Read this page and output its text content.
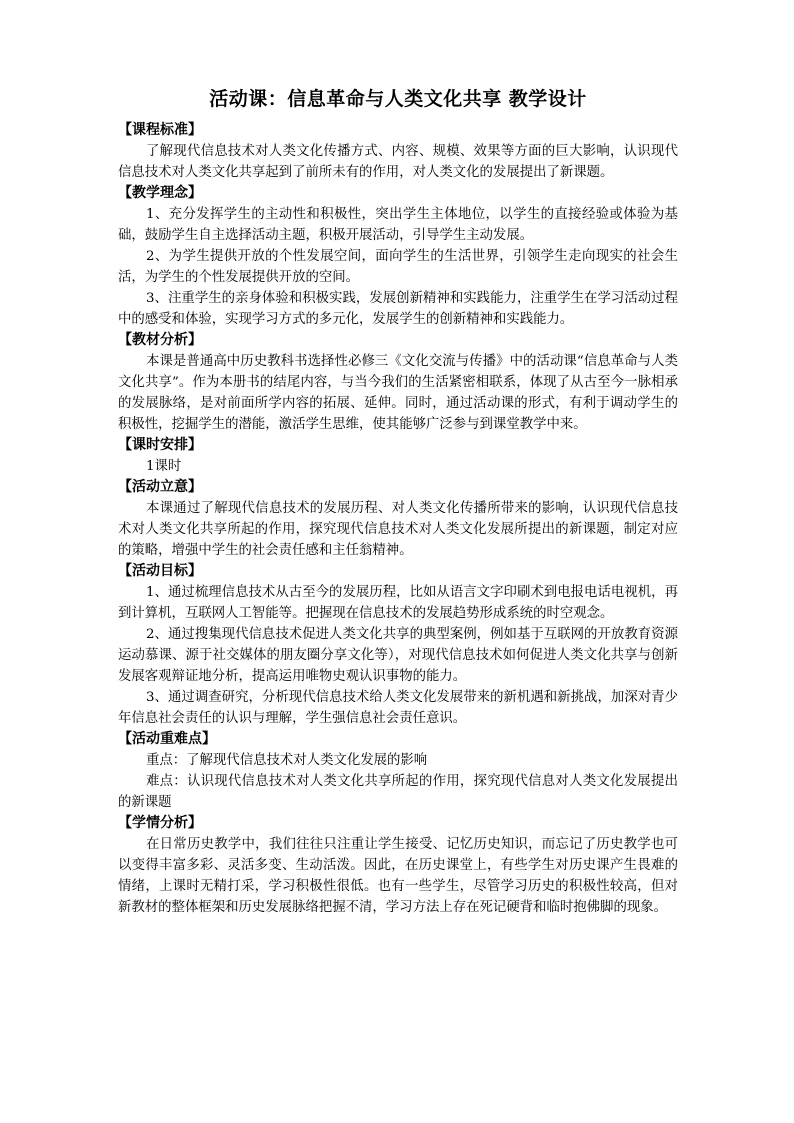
活动课：信息革命与人类文化共享 教学设计
【课程标准】

了解现代信息技术对人类文化传播方式、内容、规模、效果等方面的巨大影响，认识现代信息技术对人类文化共享起到了前所未有的作用，对人类文化的发展提出了新课题。

【教学理念】

1、充分发挥学生的主动性和积极性，突出学生主体地位，以学生的直接经验或体验为基础，鼓励学生自主选择活动主题，积极开展活动，引导学生主动发展。

2、为学生提供开放的个性发展空间，面向学生的生活世界，引领学生走向现实的社会生活，为学生的个性发展提供开放的空间。

3、注重学生的亲身体验和积极实践，发展创新精神和实践能力，注重学生在学习活动过程中的感受和体验，实现学习方式的多元化，发展学生的创新精神和实践能力。

【教材分析】

本课是普通高中历史教科书选择性必修三《文化交流与传播》中的活动课“信息革命与人类文化共享”。作为本册书的结尾内容，与当今我们的生活紧密相联系，体现了从古至今一脉相承的发展脉络，是对前面所学内容的拓展、延伸。同时，通过活动课的形式，有利于调动学生的积极性，挖掘学生的潜能，激活学生思维，使其能够广泛参与到课堂教学中来。

【课时安排】

1课时

【活动立意】

本课通过了解现代信息技术的发展历程、对人类文化传播所带来的影响，认识现代信息技术对人类文化共享所起的作用，探究现代信息技术对人类文化发展所提出的新课题，制定对应的策略，增强中学生的社会责任感和主任翁精神。

【活动目标】

1、通过梳理信息技术从古至今的发展历程，比如从语言文字印刷术到电报电话电视机，再到计算机，互联网人工智能等。把握现在信息技术的发展趋势形成系统的时空观念。

2、通过搜集现代信息技术促进人类文化共享的典型案例，例如基于互联网的开放教育资源运动慕课、源于社交媒体的朋友圈分享文化等），对现代信息技术如何促进人类文化共享与创新发展客观辩证地分析，提高运用唯物史观认识事物的能力。

3、通过调查研究，分析现代信息技术给人类文化发展带来的新机遇和新挑战，加深对青少年信息社会责任的认识与理解，学生强信息社会责任意识。

【活动重难点】

重点：了解现代信息技术对人类文化发展的影响

难点：认识现代信息技术对人类文化共享所起的作用，探究现代信息对人类文化发展提出的新课题

【学情分析】

在日常历史教学中，我们往往只注重让学生接受、记忆历史知识，而忘记了历史教学也可以变得丰富多彩、灵活多变、生动活泼。因此，在历史课堂上，有些学生对历史课产生畏难的情绪，上课时无精打采，学习积极性很低。也有一些学生，尽管学习历史的积极性较高，但对新教材的整体框架和历史发展脉络把握不清，学习方法上存在死记硬背和临时抱佛脚的现象。
